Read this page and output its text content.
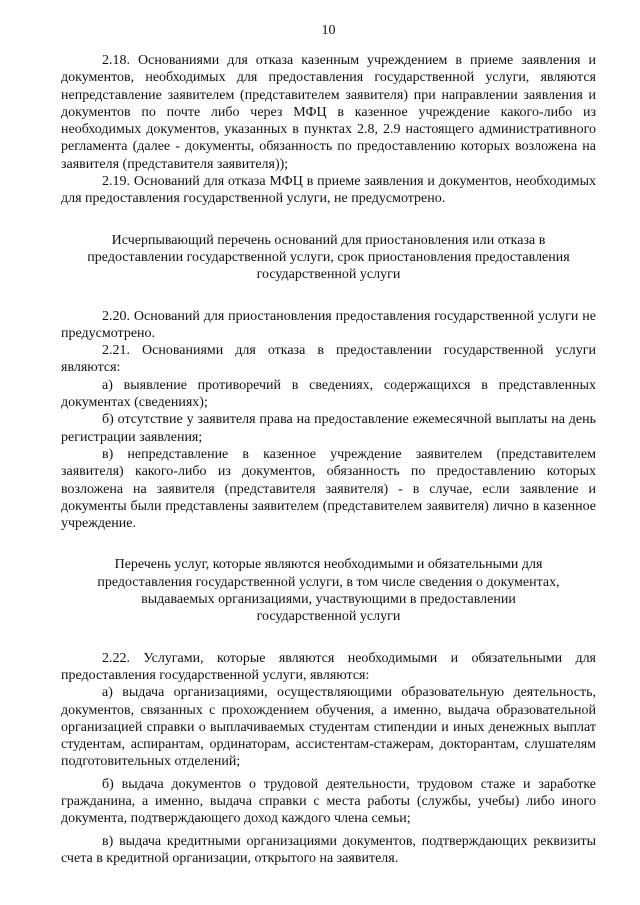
10

2.18. Основаниями для отказа казенным учреждением в приеме заявления и документов, необходимых для предоставления государственной услуги, являются непредставление заявителем (представителем заявителя) при направлении заявления и документов по почте либо через МФЦ в казенное учреждение какого-либо из необходимых документов, указанных в пунктах 2.8, 2.9 настоящего административного регламента (далее - документы, обязанность по предоставлению которых возложена на заявителя (представителя заявителя));

2.19. Оснований для отказа МФЦ в приеме заявления и документов, необходимых для предоставления государственной услуги, не предусмотрено.

Исчерпывающий перечень оснований для приостановления или отказа в
предоставлении государственной услуги, срок приостановления предоставления
государственной услуги

2.20. Оснований для приостановления предоставления государственной услуги не предусмотрено.

2.21. Основаниями для отказа в предоставлении государственной услуги являются:

а) выявление противоречий в сведениях, содержащихся в представленных документах (сведениях);

б) отсутствие у заявителя права на предоставление ежемесячной выплаты на день регистрации заявления;

в) непредставление в казенное учреждение заявителем (представителем заявителя) какого-либо из документов, обязанность по предоставлению которых возложена на заявителя (представителя заявителя) - в случае, если заявление и документы были представлены заявителем (представителем заявителя) лично в казенное учреждение.

Перечень услуг, которые являются необходимыми и обязательными для
предоставления государственной услуги, в том числе сведения о документах,
выдаваемых организациями, участвующими в предоставлении
государственной услуги

2.22. Услугами, которые являются необходимыми и обязательными для предоставления государственной услуги, являются:

а) выдача организациями, осуществляющими образовательную деятельность, документов, связанных с прохождением обучения, а именно, выдача образовательной организацией справки о выплачиваемых студентам стипендии и иных денежных выплат студентам, аспирантам, ординаторам, ассистентам-стажерам, докторантам, слушателям подготовительных отделений;

б) выдача документов о трудовой деятельности, трудовом стаже и заработке гражданина, а именно, выдача справки с места работы (службы, учебы) либо иного документа, подтверждающего доход каждого члена семьи;

в) выдача кредитными организациями документов, подтверждающих реквизиты счета в кредитной организации, открытого на заявителя.
